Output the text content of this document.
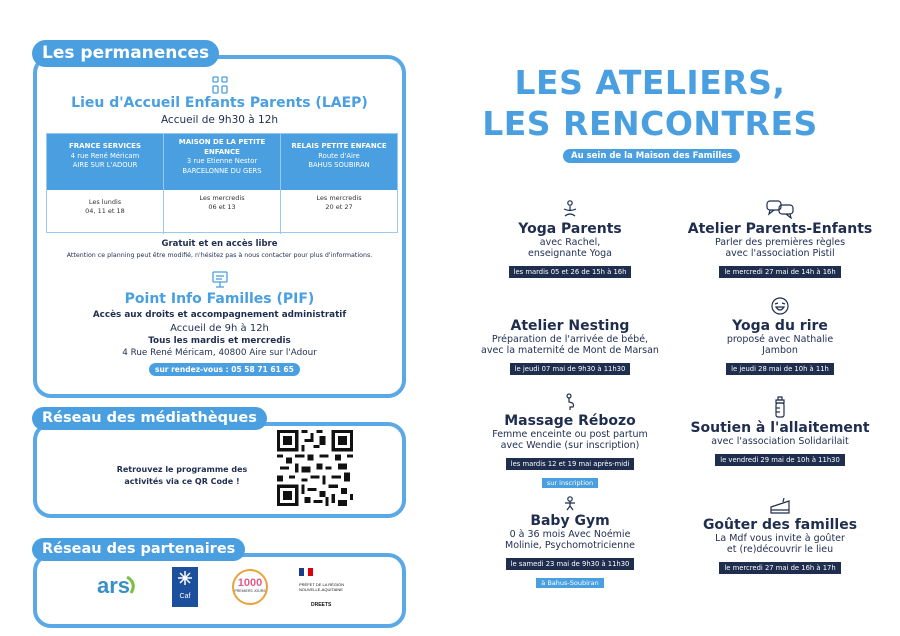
Lieu d'Accueil Enfants Parents (LAEP)
Accueil de 9h30 à 12h
FRANCE SERVICES
4 rue René Méricam
AIRE SUR L'ADOUR
MAISON DE LA PETITE ENFANCE
3 rue Etienne Nestor
BARCELONNE DU GERS
RELAIS PETITE ENFANCE
Route d'Aire
BAHUS SOUBIRAN
Les lundis
04, 11 et 18
Les mercredis
06 et 13
Les mercredis
20 et 27
Gratuit et en accès libre
Attention ce planning peut être modifié, n'hésitez pas à nous contacter pour plus d'informations.
Point Info Familles (PIF)
Accès aux droits et accompagnement administratif
Accueil de 9h à 12h
Tous les mardis et mercredis
4 Rue René Méricam, 40800 Aire sur l'Adour
sur rendez-vous : 05 58 71 61 65
Les permanences
Retrouvez le programme des
activités via ce QR Code !
Réseau des médiathèques
ars	Caf
1000
PREMIERS JOURS
PRÉFET DE LA RÉGION NOUVELLE-AQUITAINE
DREETS
Réseau des partenaires
LES ATELIERS,
LES RENCONTRES
Au sein de la Maison des Familles
Yoga Parents
avec Rachel,
enseignante Yoga
les mardis 05 et 26 de 15h à 16h
Atelier Nesting
Préparation de l'arrivée de bébé,
avec la maternité de Mont de Marsan
le jeudi 07 mai de 9h30 à 11h30
Massage Rébozo
Femme enceinte ou post partum
avec Wendie (sur inscription)
les mardis 12 et 19 mai après-midi
sur inscription
Baby Gym
0 à 36 mois Avec Noémie
Molinie, Psychomotricienne
le samedi 23 mai de 9h30 à 11h30
à Bahus-Soubiran
Atelier Parents-Enfants
Parler des premières règles
avec l'association Pistil
le mercredi 27 mai de 14h à 16h
Yoga du rire
proposé avec Nathalie
Jambon
le jeudi 28 mai de 10h à 11h
Soutien à l'allaitement
avec l'association Solidarilait
le vendredi 29 mai de 10h à 11h30
Goûter des familles
La Mdf vous invite à goûter
et (re)découvrir le lieu
le mercredi 27 mai de 16h à 17h
